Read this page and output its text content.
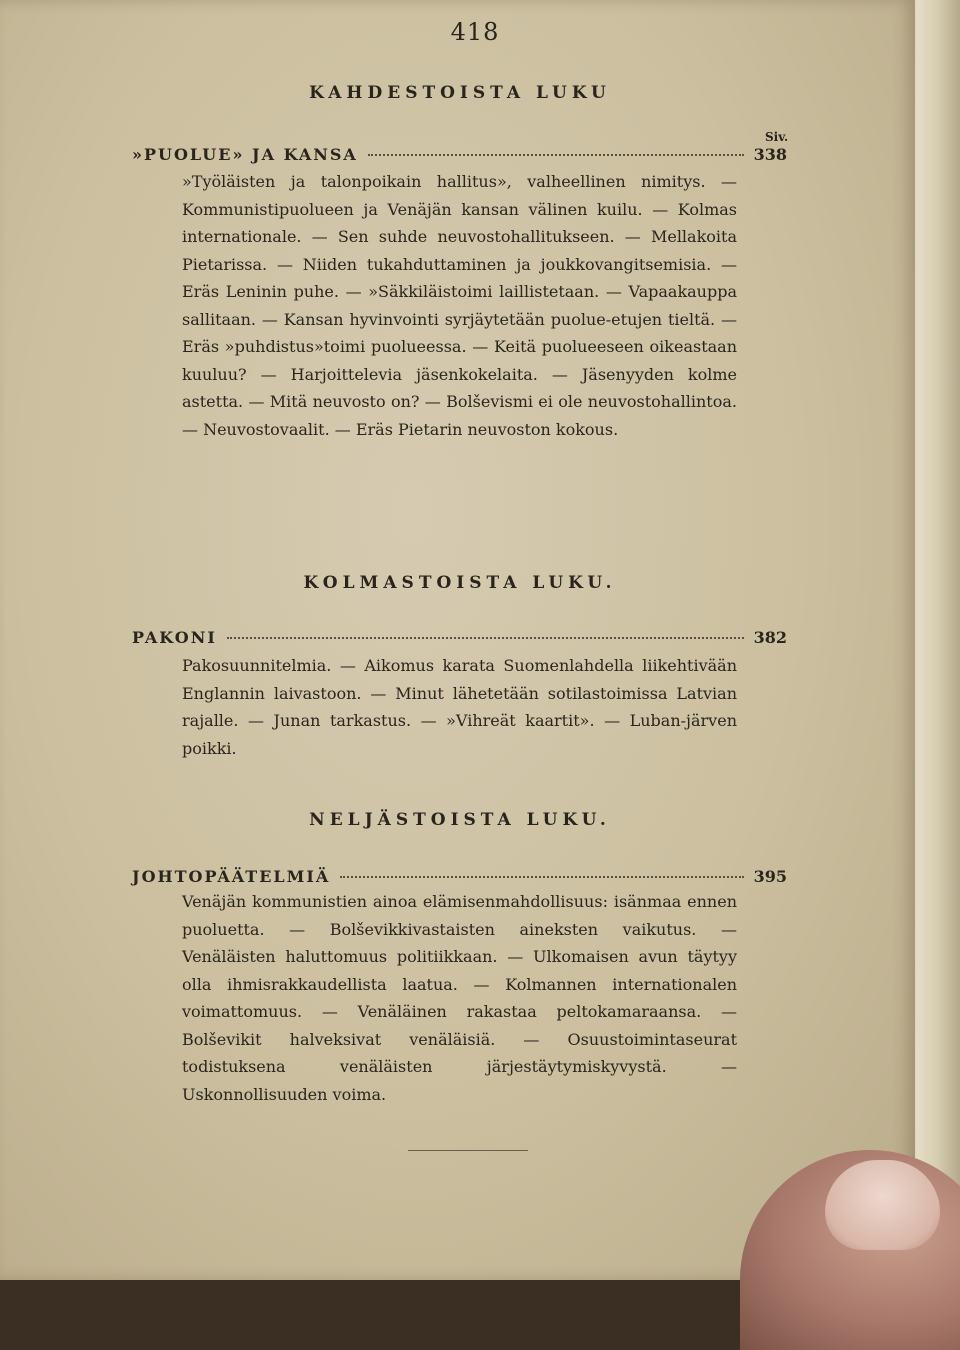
418
KAHDESTOISTA LUKU
Siv.
»PUOLUE» JA KANSA	338

»Työläisten ja talonpoikain hallitus», valheellinen nimitys. — Kommunistipuolueen ja Venäjän kansan välinen kuilu. — Kolmas internationale. — Sen suhde neuvostohallitukseen. — Mellakoita Pietarissa. — Niiden tukahduttaminen ja joukkovangitsemisia. — Eräs Leninin puhe. — »Säkkiläistoimi laillistetaan. — Vapaakauppa sallitaan. — Kansan hyvinvointi syrjäytetään puolue-etujen tieltä. — Eräs »puhdistus»toimi puolueessa. — Keitä puolueeseen oikeastaan kuuluu? — Harjoittelevia jäsenkokelaita. — Jäsenyyden kolme astetta. — Mitä neuvosto on? — Bolševismi ei ole neuvostohallintoa. — Neuvostovaalit. — Eräs Pietarin neuvoston kokous.

KOLMASTOISTA LUKU.
PAKONI	382

Pakosuunnitelmia. — Aikomus karata Suomenlahdella liikehtivään Englannin laivastoon. — Minut lähetetään sotilastoimissa Latvian rajalle. — Junan tarkastus. — »Vihreät kaartit». — Luban-järven poikki.

NELJÄSTOISTA LUKU.
JOHTOPÄÄTELMIÄ	395

Venäjän kommunistien ainoa elämisenmahdollisuus: isänmaa ennen puoluetta. — Bolševikkivastaisten aineksten vaikutus. — Venäläisten haluttomuus politiikkaan. — Ulkomaisen avun täytyy olla ihmisrakkaudellista laatua. — Kolmannen internationalen voimattomuus. — Venäläinen rakastaa peltokamaraansa. — Bolševikit halveksivat venäläisiä. — Osuustoimintaseurat todistuksena venäläisten järjestäytymiskyvystä. — Uskonnollisuuden voima.
